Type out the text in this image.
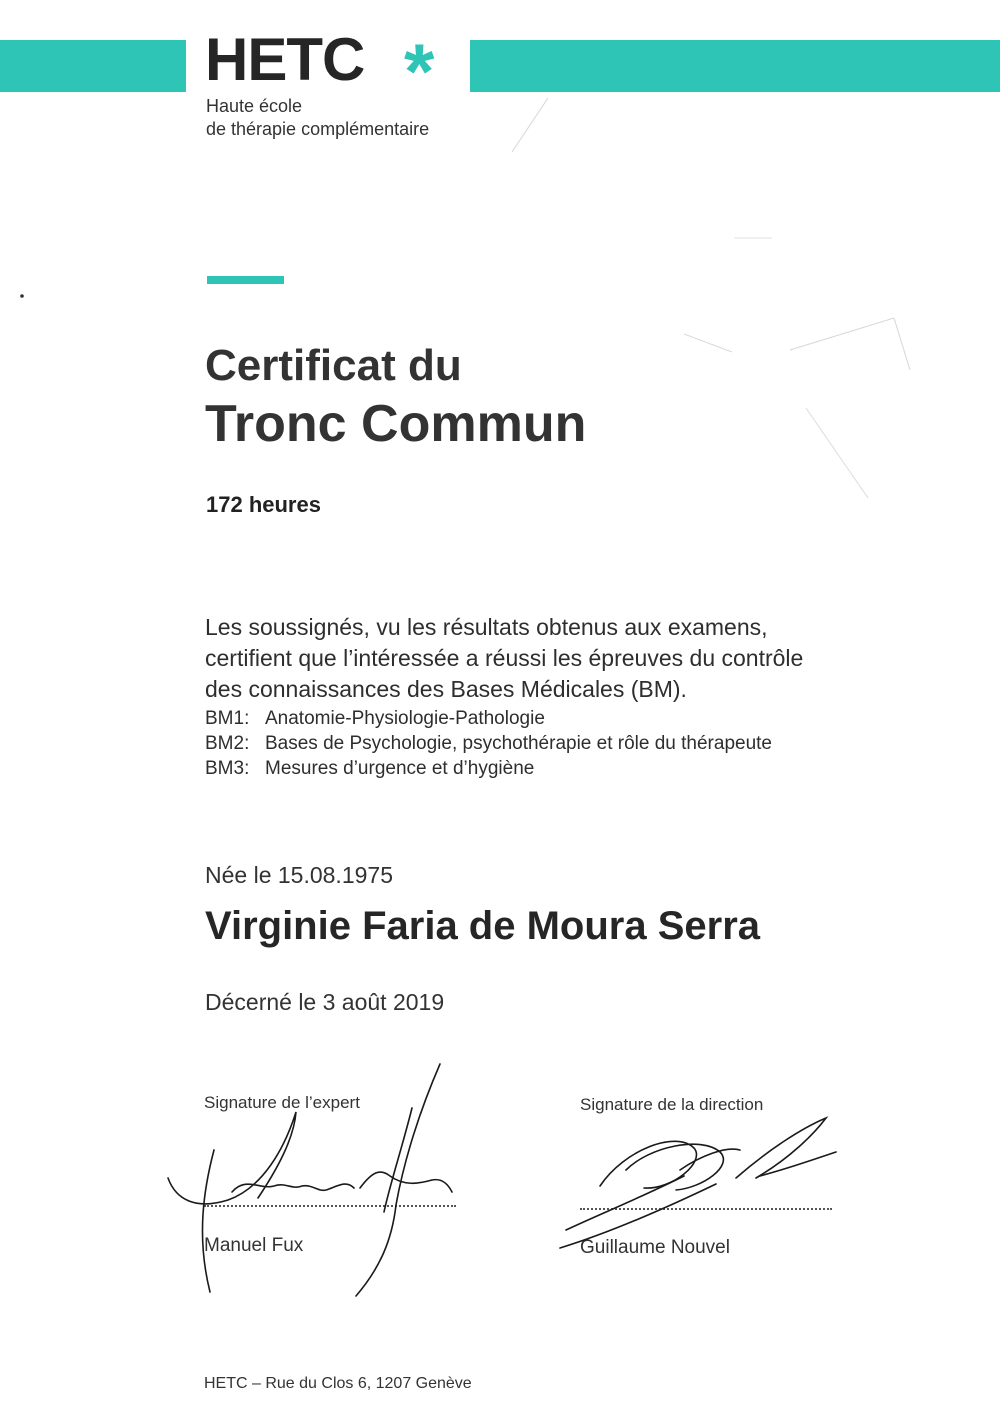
HETC *
Haute école
de thérapie complémentaire
Certificat du
Tronc Commun
172 heures
Les soussignés, vu les résultats obtenus aux examens,
certifient que l’intéressée a réussi les épreuves du contrôle
des connaissances des Bases Médicales (BM).
BM1: Anatomie-Physiologie-Pathologie
BM2: Bases de Psychologie, psychothérapie et rôle du thérapeute
BM3: Mesures d’urgence et d’hygiène
Née le 15.08.1975
Virginie Faria de Moura Serra
Décerné le 3 août 2019
Signature de l’expert
Manuel Fux
Signature de la direction
Guillaume Nouvel
HETC – Rue du Clos 6, 1207 Genève
